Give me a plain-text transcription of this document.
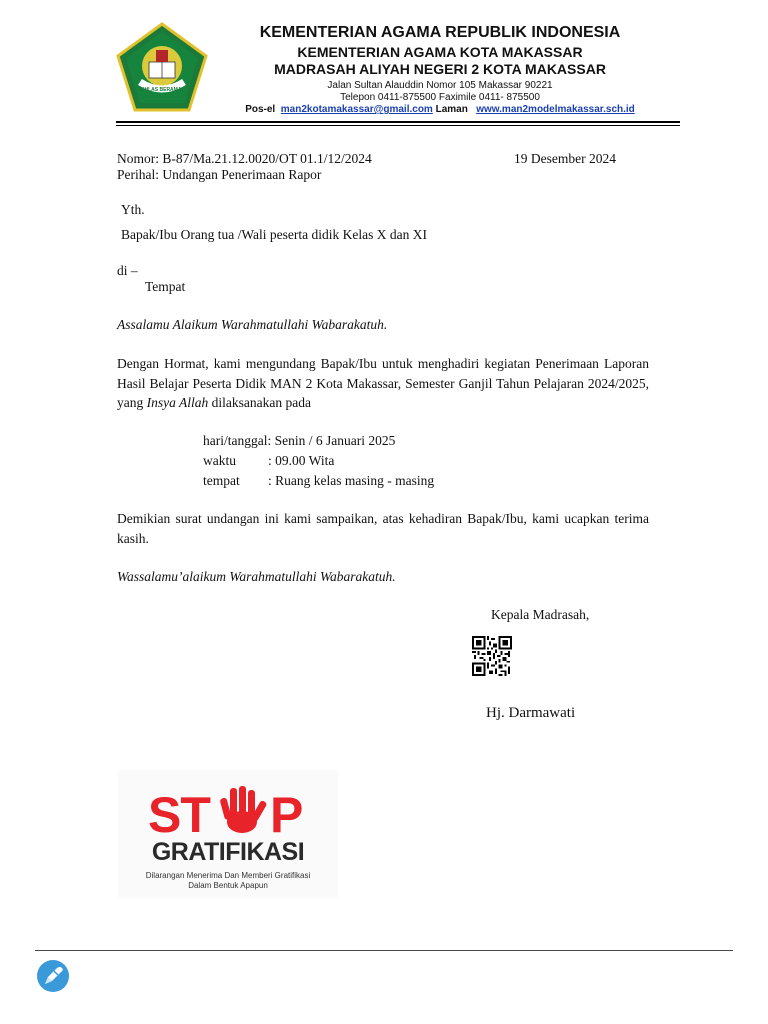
IKHLAS BERAMAL
KEMENTERIAN AGAMA REPUBLIK INDONESIA
KEMENTERIAN AGAMA KOTA MAKASSAR
MADRASAH ALIYAH NEGERI 2 KOTA MAKASSAR
Jalan Sultan Alauddin Nomor 105 Makassar 90221
Telepon 0411-875500 Faximile 0411- 875500
Pos-el man2kotamakassar@gmail.com Laman www.man2modelmakassar.sch.id
Nomor: B-87/Ma.21.12.0020/OT 01.1/12/2024	19 Desember 2024
Perihal: Undangan Penerimaan Rapor
Yth.
Bapak/Ibu Orang tua /Wali peserta didik Kelas X dan XI
di –
Tempat
Assalamu Alaikum Warahmatullahi Wabarakatuh.
Dengan Hormat, kami mengundang Bapak/Ibu untuk menghadiri kegiatan Penerimaan Laporan Hasil Belajar Peserta Didik MAN 2 Kota Makassar, Semester Ganjil Tahun Pelajaran 2024/2025, yang Insya Allah dilaksanakan pada
hari/tanggal: Senin / 6 Januari 2025
waktu : 09.00 Wita
tempat : Ruang kelas masing - masing
Demikian surat undangan ini kami sampaikan, atas kehadiran Bapak/Ibu, kami ucapkan terima kasih.
Wassalamu’alaikum Warahmatullahi Wabarakatuh.
Kepala Madrasah,
Hj. Darmawati
ST P
GRATIFIKASI
Dilarangan Menerima Dan Memberi Gratifikasi
Dalam Bentuk Apapun
